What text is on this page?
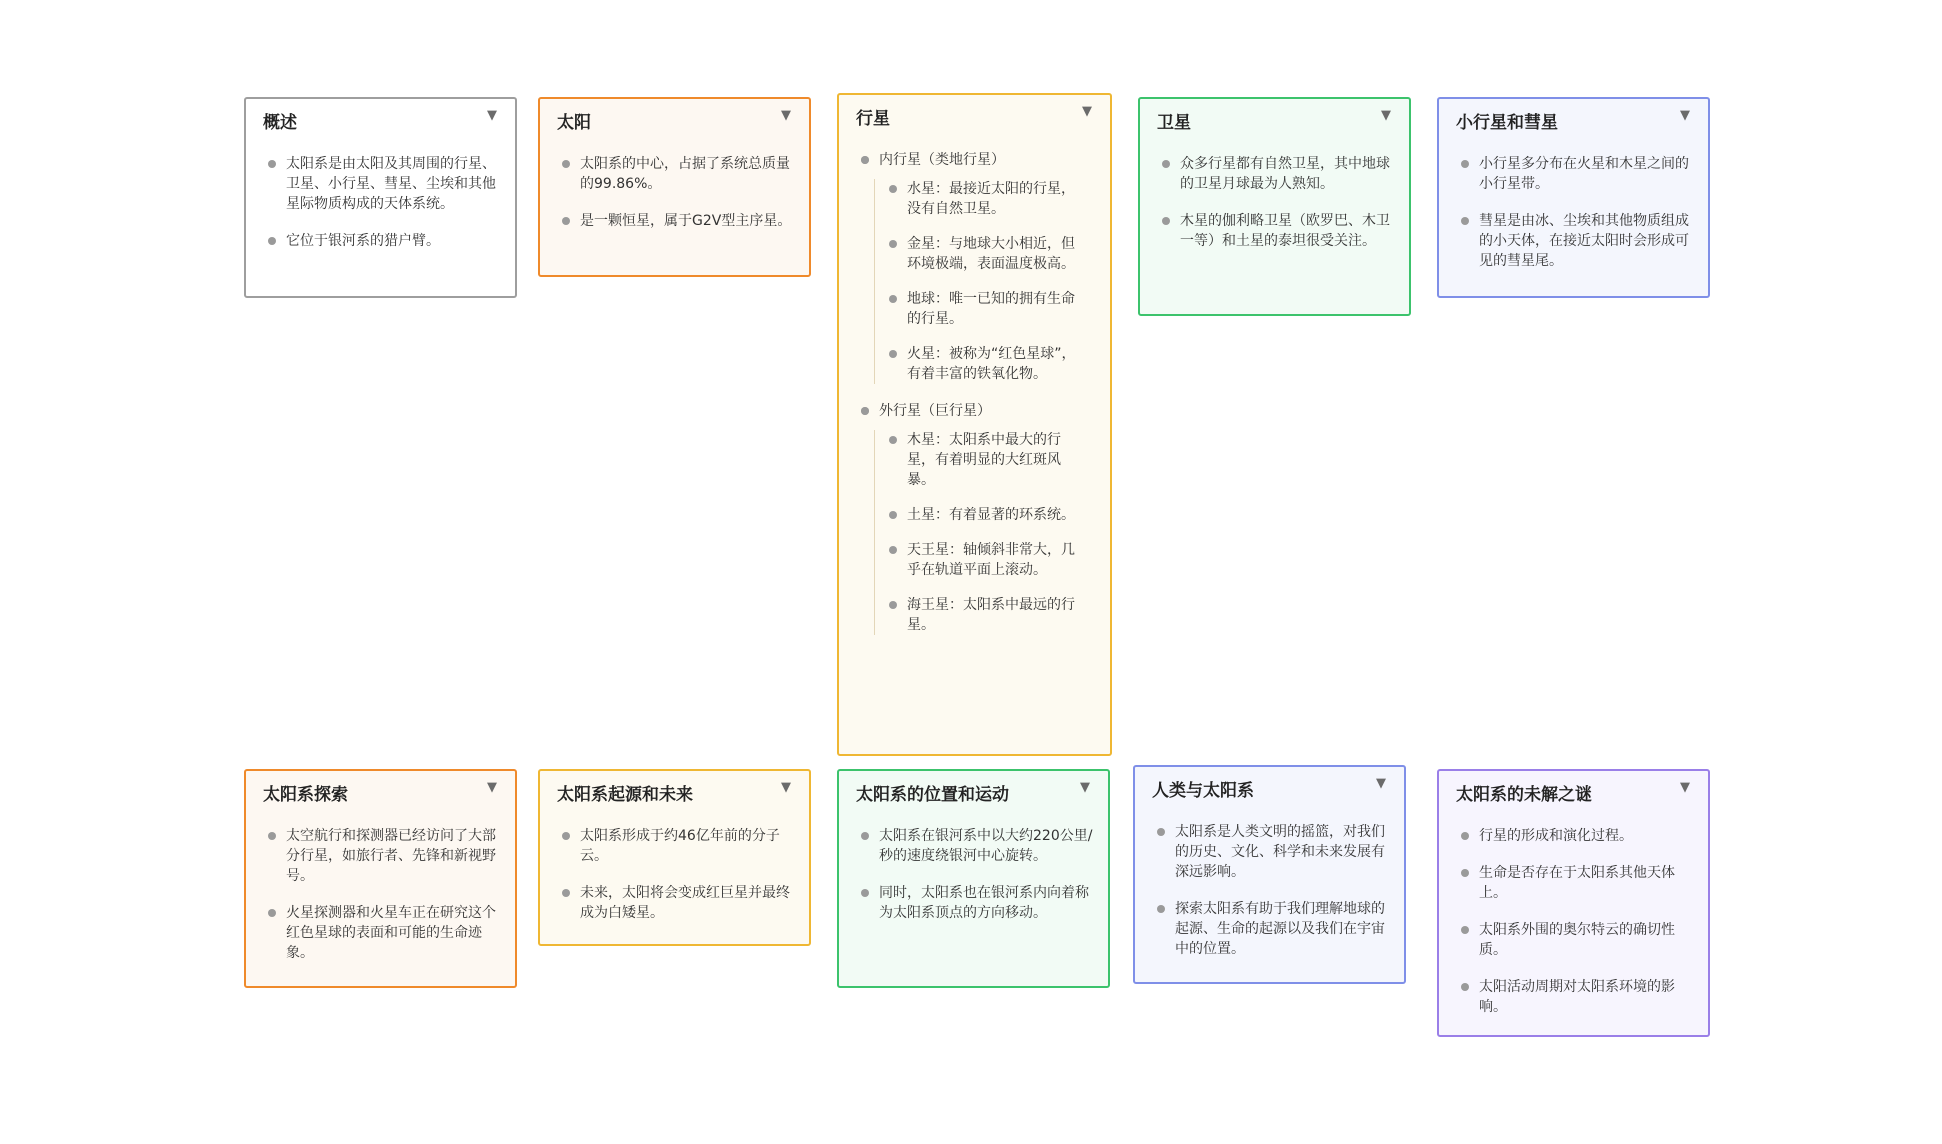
概述	▼
太阳系是由太阳及其周围的行星、卫星、小行星、彗星、尘埃和其他星际物质构成的天体系统。
它位于银河系的猎户臂。
太阳	▼
太阳系的中心，占据了系统总质量的99.86%。
是一颗恒星，属于G2V型主序星。
行星	▼
内行星（类地行星）
水星：最接近太阳的行星，没有自然卫星。
金星：与地球大小相近，但环境极端，表面温度极高。
地球：唯一已知的拥有生命的行星。
火星：被称为“红色星球”，有着丰富的铁氧化物。
外行星（巨行星）
木星：太阳系中最大的行星，有着明显的大红斑风暴。
土星：有着显著的环系统。
天王星：轴倾斜非常大，几乎在轨道平面上滚动。
海王星：太阳系中最远的行星。
卫星	▼
众多行星都有自然卫星，其中地球的卫星月球最为人熟知。
木星的伽利略卫星（欧罗巴、木卫一等）和土星的泰坦很受关注。
小行星和彗星	▼
小行星多分布在火星和木星之间的小行星带。
彗星是由冰、尘埃和其他物质组成的小天体，在接近太阳时会形成可见的彗星尾。
太阳系探索	▼
太空航行和探测器已经访问了大部分行星，如旅行者、先锋和新视野号。
火星探测器和火星车正在研究这个红色星球的表面和可能的生命迹象。
太阳系起源和未来	▼
太阳系形成于约46亿年前的分子云。
未来，太阳将会变成红巨星并最终成为白矮星。
太阳系的位置和运动	▼
太阳系在银河系中以大约220公里/秒的速度绕银河中心旋转。
同时，太阳系也在银河系内向着称为太阳系顶点的方向移动。
人类与太阳系	▼
太阳系是人类文明的摇篮，对我们的历史、文化、科学和未来发展有深远影响。
探索太阳系有助于我们理解地球的起源、生命的起源以及我们在宇宙中的位置。
太阳系的未解之谜	▼
行星的形成和演化过程。
生命是否存在于太阳系其他天体上。
太阳系外围的奥尔特云的确切性质。
太阳活动周期对太阳系环境的影响。
